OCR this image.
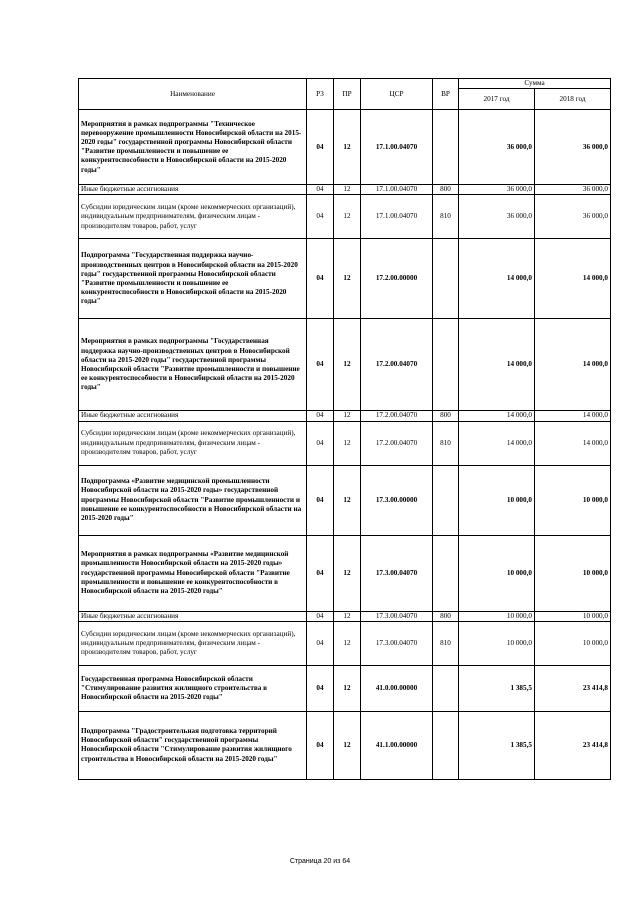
Наименование	РЗ	ПР	ЦСР	ВР	Сумма	
					2017 год	2018 год
Мероприятия в рамках подпрограммы "Техническое перевооружение промышленности Новосибирской области на 2015-2020 годы" государственной программы Новосибирской области "Развитие промышленности и повышение ее конкурентоспособности в Новосибирской области на 2015-2020 годы"	04	12	17.1.00.04070		36 000,0	36 000,0
Иные бюджетные ассигнования	04	12	17.1.00.04070	800	36 000,0	36 000,0
Субсидии юридическим лицам (кроме некоммерческих организаций), индивидуальным предпринимателям, физическим лицам - производителям товаров, работ, услуг	04	12	17.1.00.04070	810	36 000,0	36 000,0
Подпрограмма "Государственная поддержка научно-производственных центров в Новосибирской области на 2015-2020 годы" государственной программы Новосибирской области "Развитие промышленности и повышение ее конкурентоспособности в Новосибирской области на 2015-2020 годы"	04	12	17.2.00.00000		14 000,0	14 000,0
Мероприятия в рамках подпрограммы "Государственная поддержка научно-производственных центров в Новосибирской области на 2015-2020 годы" государственной программы Новосибирской области "Развитие промышленности и повышение ее конкурентоспособности в Новосибирской области на 2015-2020 годы"	04	12	17.2.00.04070		14 000,0	14 000,0
Иные бюджетные ассигнования	04	12	17.2.00.04070	800	14 000,0	14 000,0
Субсидии юридическим лицам (кроме некоммерческих организаций), индивидуальным предпринимателям, физическим лицам - производителям товаров, работ, услуг	04	12	17.2.00.04070	810	14 000,0	14 000,0
Подпрограмма «Развитие медицинской промышленности Новосибирской области на 2015-2020 годы» государственной программы Новосибирской области "Развитие промышленности и повышение ее конкурентоспособности в Новосибирской области на 2015-2020 годы"	04	12	17.3.00.00000		10 000,0	10 000,0
Мероприятия в рамках подпрограммы «Развитие медицинской промышленности Новосибирской области на 2015-2020 годы» государственной программы Новосибирской области "Развитие промышленности и повышение ее конкурентоспособности в Новосибирской области на 2015-2020 годы"	04	12	17.3.00.04070		10 000,0	10 000,0
Иные бюджетные ассигнования	04	12	17.3.00.04070	800	10 000,0	10 000,0
Субсидии юридическим лицам (кроме некоммерческих организаций), индивидуальным предпринимателям, физическим лицам - производителям товаров, работ, услуг	04	12	17.3.00.04070	810	10 000,0	10 000,0
Государственная программа Новосибирской области "Стимулирование развития жилищного строительства в Новосибирской области на 2015-2020 годы"	04	12	41.0.00.00000		1 385,5	23 414,8
Подпрограмма "Градостроительная подготовка территорий Новосибирской области" государственной программы Новосибирской области "Стимулирование развития жилищного строительства в Новосибирской области на 2015-2020 годы"	04	12	41.1.00.00000		1 385,5	23 414,8
Страница 20 из 64
